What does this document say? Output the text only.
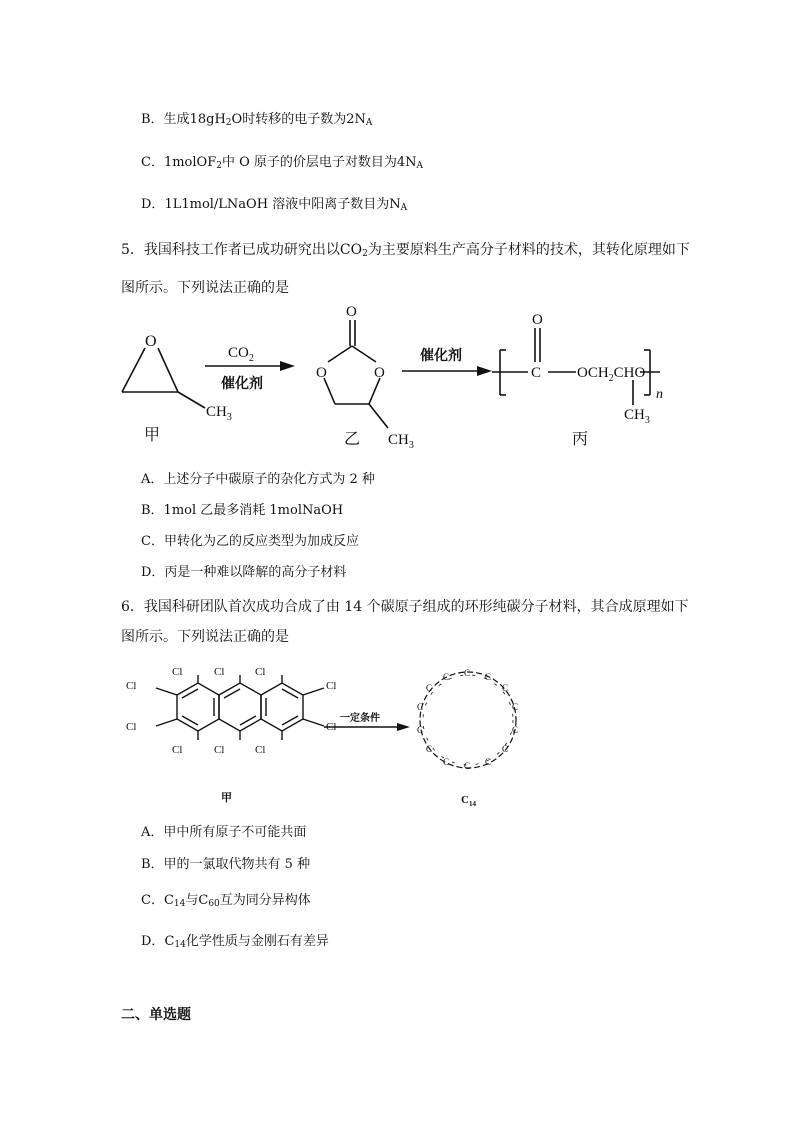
B．生成$18gH_2O$时转移的电子数为$2N_A$
C．1molOF$_2$中 O 原子的价层电子对数目为$4N_A$
D．1L1mol/LNaOH 溶液中阳离子数目为$N_A$
5．我国科技工作者已成功研究出以$CO_2$为主要原料生产高分子材料的技术，其转化原理如下图所示。下列说法正确的是
O
$CH_3$
甲
$CO_2$
催化剂
O
O	O
$CH_3$
乙
催化剂
O
C $OCH_2CHO$
$CH_3$
n
丙
A．上述分子中碳原子的杂化方式为 2 种
B．1mol 乙最多消耗 1molNaOH
C．甲转化为乙的反应类型为加成反应
D．丙是一种难以降解的高分子材料
6．我国科研团队首次成功合成了由 14 个碳原子组成的环形纯碳分子材料，其合成原理如下图所示。下列说法正确的是
Cl	Cl	Cl
Cl	Cl	Cl
Cl
Cl
Cl
Cl
甲
一定条件
C C
C
C
C
C
C
C
C
C
C
C
C
C
$C_{14}$
A．甲中所有原子不可能共面
B．甲的一氯取代物共有 5 种
C．$C_{14}$与$C_{60}$互为同分异构体
D．$C_{14}$化学性质与金刚石有差异
二、单选题
